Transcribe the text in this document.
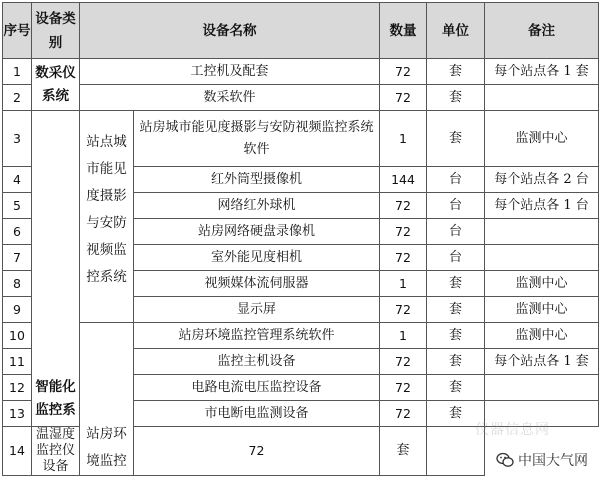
序号	设备类别	设备名称		数量	单位	备注
1	数采仪系统	工控机及配套		72	套	每个站点各 1 套
2		数采软件		72	套	
3	智能化监控系	站点城市能见度摄影与安防视频监控系统	站房城市能见度摄影与安防视频监控系统软件	1	套	监测中心
4			红外筒型摄像机	144	台	每个站点各 2 台
5			网络红外球机	72	台	每个站点各 1 台
6			站房网络硬盘录像机	72	台	
7			室外能见度相机	72	台	
8			视频媒体流伺服器	1	套	监测中心
9			显示屏	72	套	监测中心
10		站房环境监控	站房环境监控管理系统软件	1	套	监测中心
11			监控主机设备	72	套	每个站点各 1 套
12			电路电流电压监控设备	72	套	
13			市电断电监测设备	72	套	
14	温湿度监控仪设备		72	套		
仪器信息网
中国大气网
